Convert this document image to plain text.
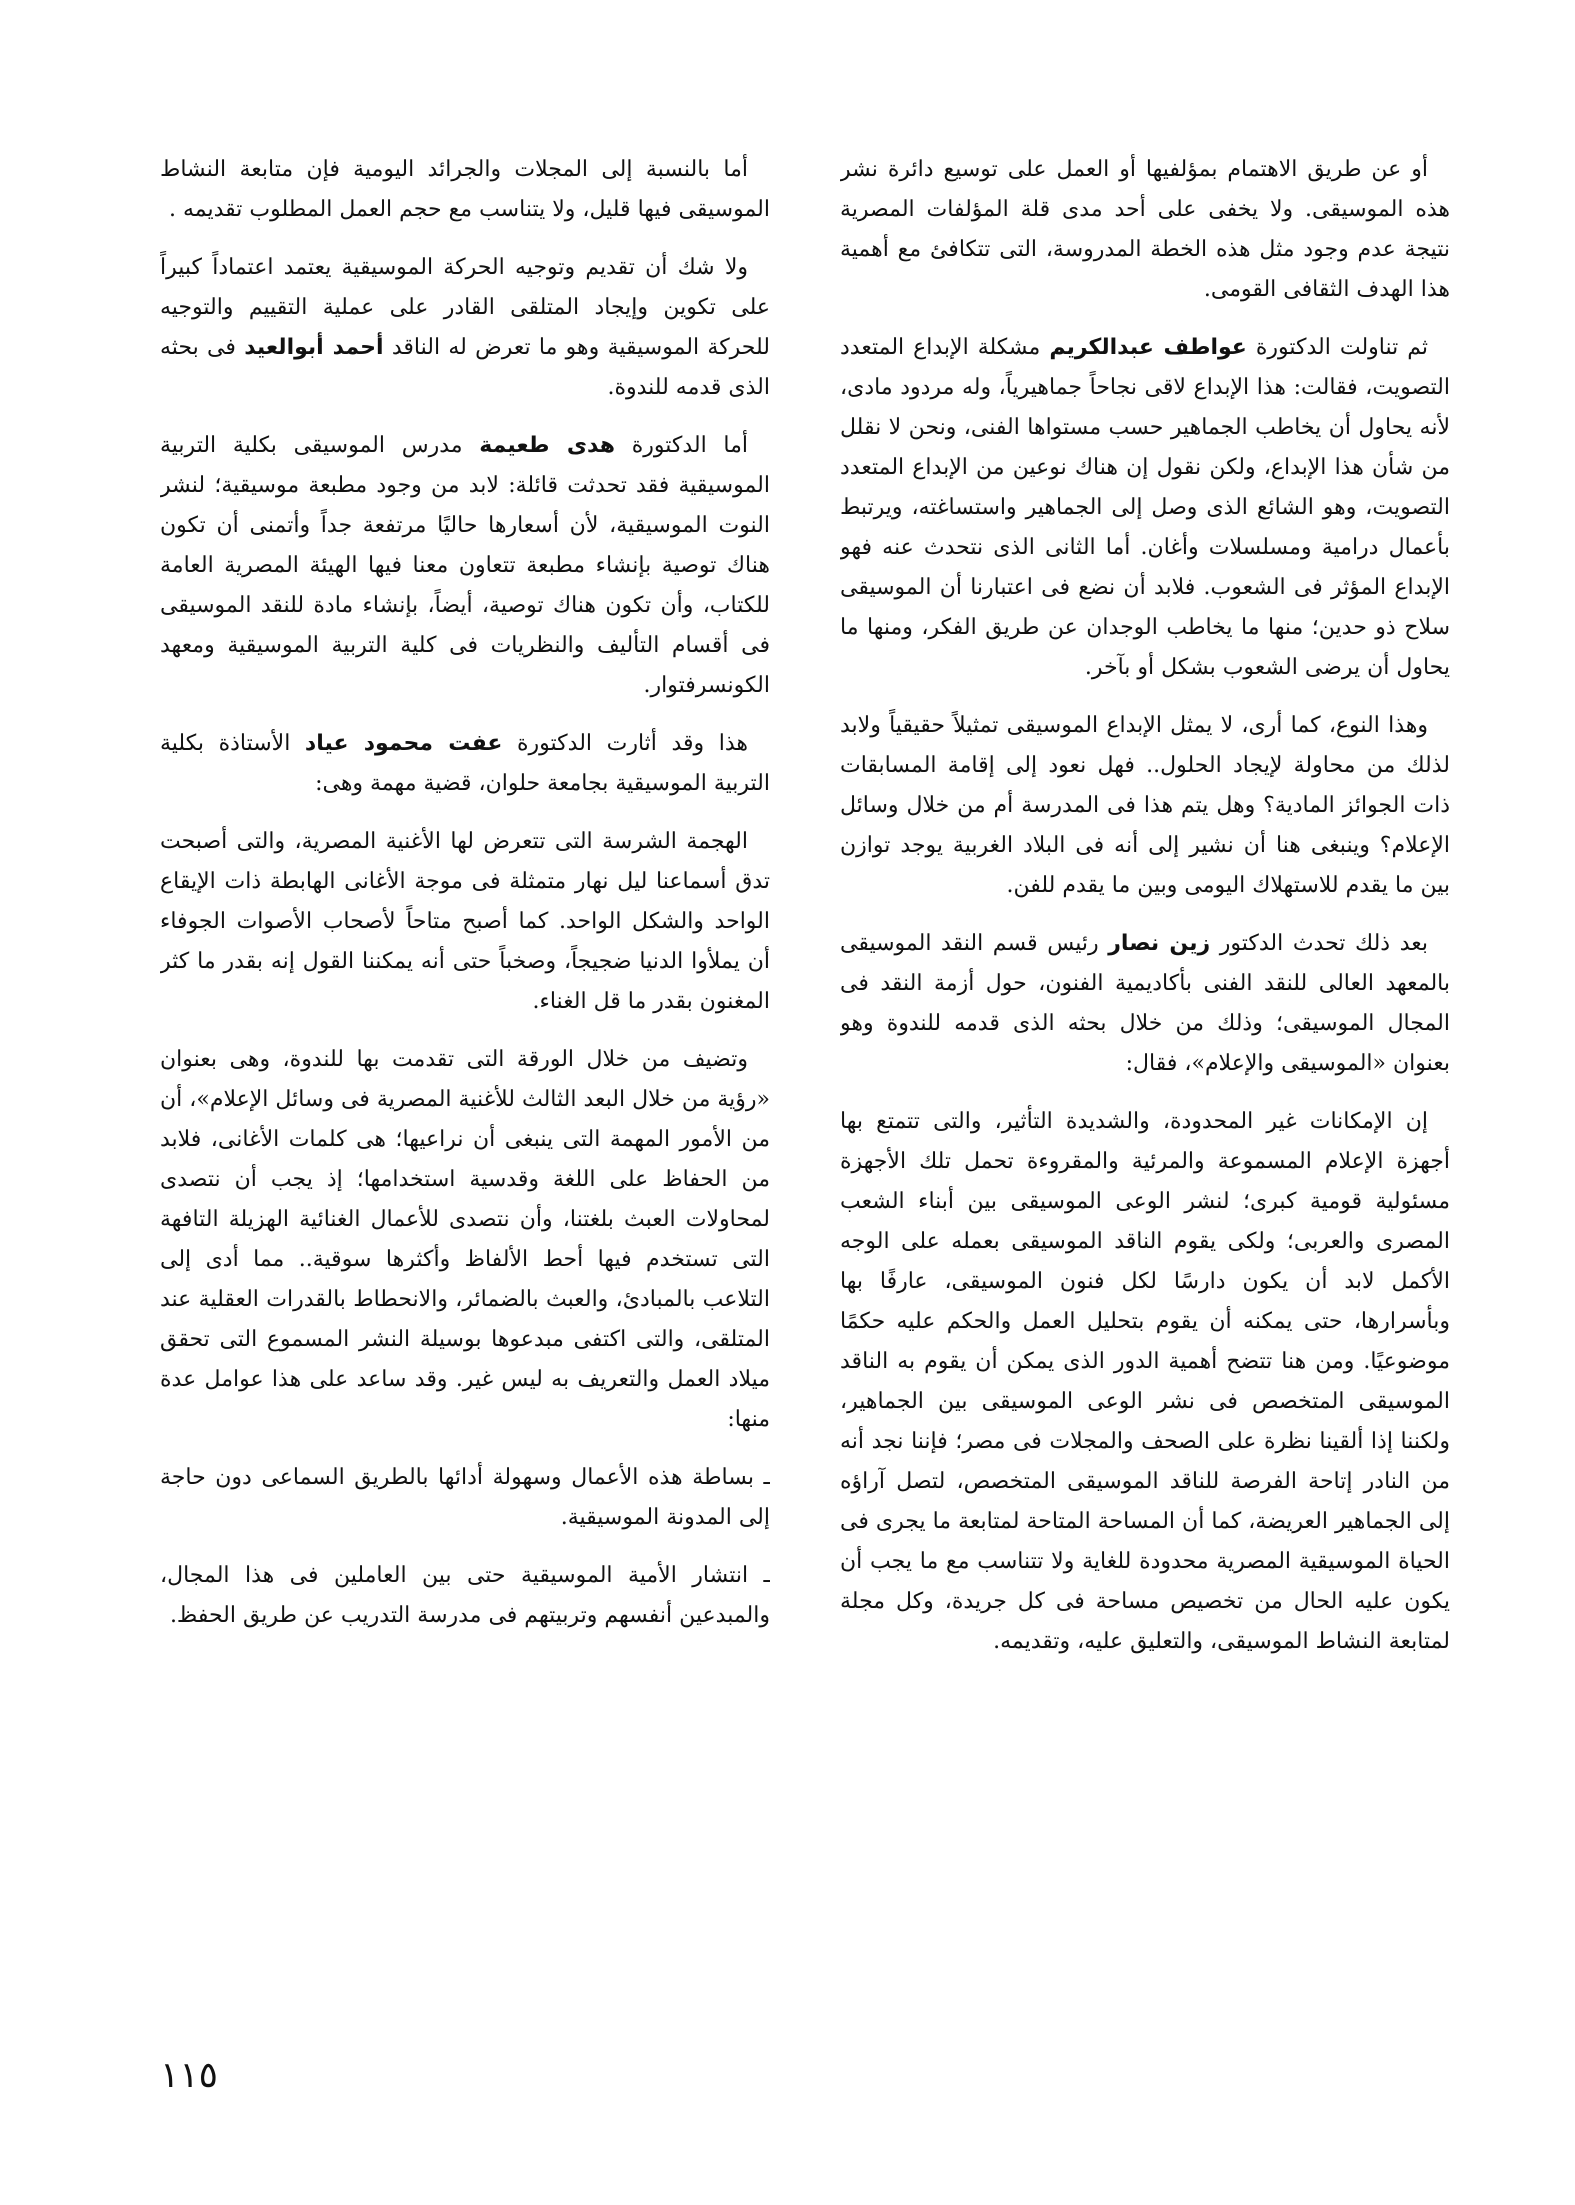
أو عن طريق الاهتمام بمؤلفيها أو العمل على توسيع دائرة نشر هذه الموسيقى. ولا يخفى على أحد مدى قلة المؤلفات المصرية نتيجة عدم وجود مثل هذه الخطة المدروسة، التى تتكافئ مع أهمية هذا الهدف الثقافى القومى.

ثم تناولت الدكتورة عواطف عبدالكريم مشكلة الإبداع المتعدد التصويت، فقالت: هذا الإبداع لاقى نجاحاً جماهيرياً، وله مردود مادى، لأنه يحاول أن يخاطب الجماهير حسب مستواها الفنى، ونحن لا نقلل من شأن هذا الإبداع، ولكن نقول إن هناك نوعين من الإبداع المتعدد التصويت، وهو الشائع الذى وصل إلى الجماهير واستساغته، ويرتبط بأعمال درامية ومسلسلات وأغان. أما الثانى الذى نتحدث عنه فهو الإبداع المؤثر فى الشعوب. فلابد أن نضع فى اعتبارنا أن الموسيقى سلاح ذو حدين؛ منها ما يخاطب الوجدان عن طريق الفكر، ومنها ما يحاول أن يرضى الشعوب بشكل أو بآخر.

وهذا النوع، كما أرى، لا يمثل الإبداع الموسيقى تمثيلاً حقيقياً ولابد لذلك من محاولة لإيجاد الحلول.. فهل نعود إلى إقامة المسابقات ذات الجوائز المادية؟ وهل يتم هذا فى المدرسة أم من خلال وسائل الإعلام؟ وينبغى هنا أن نشير إلى أنه فى البلاد الغربية يوجد توازن بين ما يقدم للاستهلاك اليومى وبين ما يقدم للفن.

بعد ذلك تحدث الدكتور زين نصار رئيس قسم النقد الموسيقى بالمعهد العالى للنقد الفنى بأكاديمية الفنون، حول أزمة النقد فى المجال الموسيقى؛ وذلك من خلال بحثه الذى قدمه للندوة وهو بعنوان «الموسيقى والإعلام»، فقال:

إن الإمكانات غير المحدودة، والشديدة التأثير، والتى تتمتع بها أجهزة الإعلام المسموعة والمرئية والمقروءة تحمل تلك الأجهزة مسئولية قومية كبرى؛ لنشر الوعى الموسيقى بين أبناء الشعب المصرى والعربى؛ ولكى يقوم الناقد الموسيقى بعمله على الوجه الأكمل لابد أن يكون دارسًا لكل فنون الموسيقى، عارفًا بها وبأسرارها، حتى يمكنه أن يقوم بتحليل العمل والحكم عليه حكمًا موضوعيًا. ومن هنا تتضح أهمية الدور الذى يمكن أن يقوم به الناقد الموسيقى المتخصص فى نشر الوعى الموسيقى بين الجماهير، ولكننا إذا ألقينا نظرة على الصحف والمجلات فى مصر؛ فإننا نجد أنه من النادر إتاحة الفرصة للناقد الموسيقى المتخصص، لتصل آراؤه إلى الجماهير العريضة، كما أن المساحة المتاحة لمتابعة ما يجرى فى الحياة الموسيقية المصرية محدودة للغاية ولا تتناسب مع ما يجب أن يكون عليه الحال من تخصيص مساحة فى كل جريدة، وكل مجلة لمتابعة النشاط الموسيقى، والتعليق عليه، وتقديمه.

أما بالنسبة إلى المجلات والجرائد اليومية فإن متابعة النشاط الموسيقى فيها قليل، ولا يتناسب مع حجم العمل المطلوب تقديمه .

ولا شك أن تقديم وتوجيه الحركة الموسيقية يعتمد اعتماداً كبيراً على تكوين وإيجاد المتلقى القادر على عملية التقييم والتوجيه للحركة الموسيقية وهو ما تعرض له الناقد أحمد أبوالعيد فى بحثه الذى قدمه للندوة.

أما الدكتورة هدى طعيمة مدرس الموسيقى بكلية التربية الموسيقية فقد تحدثت قائلة: لابد من وجود مطبعة موسيقية؛ لنشر النوت الموسيقية، لأن أسعارها حاليًا مرتفعة جداً وأتمنى أن تكون هناك توصية بإنشاء مطبعة تتعاون معنا فيها الهيئة المصرية العامة للكتاب، وأن تكون هناك توصية، أيضاً، بإنشاء مادة للنقد الموسيقى فى أقسام التأليف والنظريات فى كلية التربية الموسيقية ومعهد الكونسرفتوار.

هذا وقد أثارت الدكتورة عفت محمود عياد الأستاذة بكلية التربية الموسيقية بجامعة حلوان، قضية مهمة وهى:

الهجمة الشرسة التى تتعرض لها الأغنية المصرية، والتى أصبحت تدق أسماعنا ليل نهار متمثلة فى موجة الأغانى الهابطة ذات الإيقاع الواحد والشكل الواحد. كما أصبح متاحاً لأصحاب الأصوات الجوفاء أن يملأوا الدنيا ضجيجاً، وصخباً حتى أنه يمكننا القول إنه بقدر ما كثر المغنون بقدر ما قل الغناء.

وتضيف من خلال الورقة التى تقدمت بها للندوة، وهى بعنوان «رؤية من خلال البعد الثالث للأغنية المصرية فى وسائل الإعلام»، أن من الأمور المهمة التى ينبغى أن نراعيها؛ هى كلمات الأغانى، فلابد من الحفاظ على اللغة وقدسية استخدامها؛ إذ يجب أن نتصدى لمحاولات العبث بلغتنا، وأن نتصدى للأعمال الغنائية الهزيلة التافهة التى تستخدم فيها أحط الألفاظ وأكثرها سوقية.. مما أدى إلى التلاعب بالمبادئ، والعبث بالضمائر، والانحطاط بالقدرات العقلية عند المتلقى، والتى اكتفى مبدعوها بوسيلة النشر المسموع التى تحقق ميلاد العمل والتعريف به ليس غير. وقد ساعد على هذا عوامل عدة منها:

ـ بساطة هذه الأعمال وسهولة أدائها بالطريق السماعى دون حاجة إلى المدونة الموسيقية.

ـ انتشار الأمية الموسيقية حتى بين العاملين فى هذا المجال، والمبدعين أنفسهم وتربيتهم فى مدرسة التدريب عن طريق الحفظ.

١١٥
